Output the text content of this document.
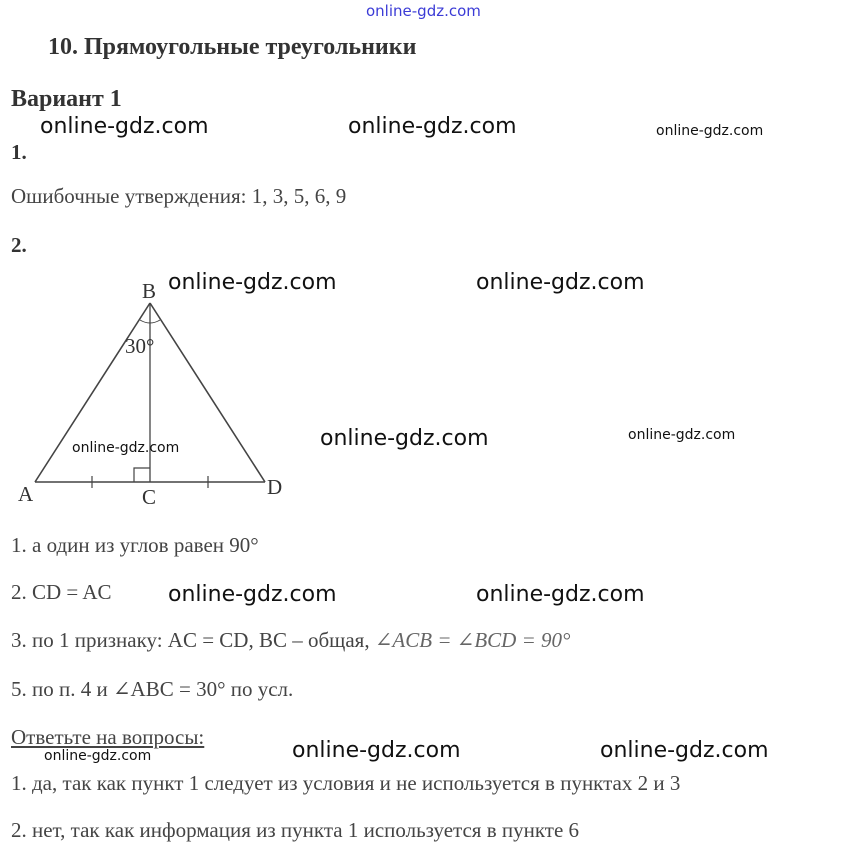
online-gdz.com
10. Прямоугольные треугольники
Вариант 1
1.
Ошибочные утверждения: 1, 3, 5, 6, 9
2.
B
A	C	D
30°
1. а один из углов равен 90°
2. CD = AC
3. по 1 признаку: AC = CD, BC – общая, ∠ACB = ∠BCD = 90°
5. по п. 4 и ∠ABC = 30° по усл.
Ответьте на вопросы:
1. да, так как пункт 1 следует из условия и не используется в пунктах 2 и 3
2. нет, так как информация из пункта 1 используется в пункте 6
online-gdz.com	online-gdz.com	online-gdz.com
online-gdz.com	online-gdz.com
online-gdz.com	online-gdz.com	online-gdz.com
online-gdz.com	online-gdz.com
online-gdz.com	online-gdz.com	online-gdz.com
